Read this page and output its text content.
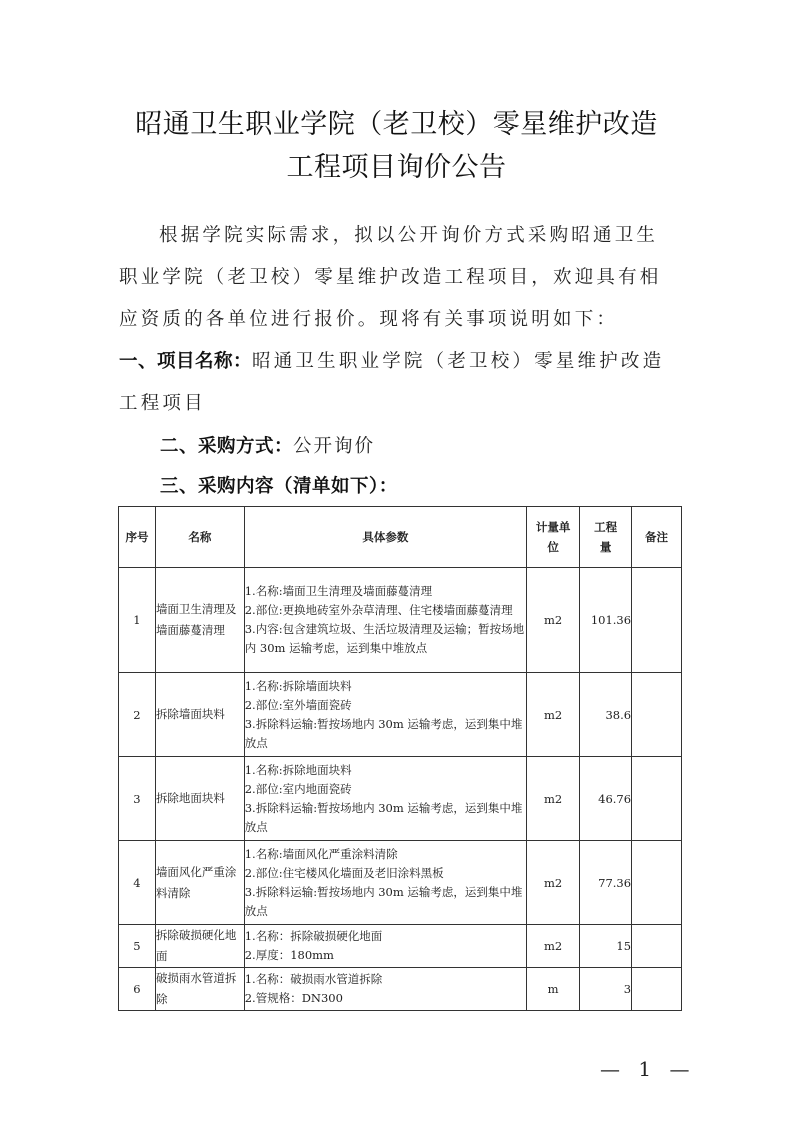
昭通卫生职业学院（老卫校）零星维护改造
工程项目询价公告
根据学院实际需求，拟以公开询价方式采购昭通卫生职业学院（老卫校）零星维护改造工程项目，欢迎具有相应资质的各单位进行报价。现将有关事项说明如下：
一、项目名称：昭通卫生职业学院（老卫校）零星维护改造工程项目
二、采购方式：公开询价
三、采购内容（清单如下）：
序号	名称	具体参数	计量单位	工程量	备注
1	墙面卫生清理及墙面藤蔓清理	1.名称:墙面卫生清理及墙面藤蔓清理
2.部位:更换地砖室外杂草清理、住宅楼墙面藤蔓清理
3.内容:包含建筑垃圾、生活垃圾清理及运输；暂按场地内 30m 运输考虑，运到集中堆放点	m2	101.36	
2	拆除墙面块料	1.名称:拆除墙面块料
2.部位:室外墙面瓷砖
3.拆除料运输:暂按场地内 30m 运输考虑，运到集中堆放点	m2	38.6	
3	拆除地面块料	1.名称:拆除地面块料
2.部位:室内地面瓷砖
3.拆除料运输:暂按场地内 30m 运输考虑，运到集中堆放点	m2	46.76	
4	墙面风化严重涂料清除	1.名称:墙面风化严重涂料清除
2.部位:住宅楼风化墙面及老旧涂料黑板
3.拆除料运输:暂按场地内 30m 运输考虑，运到集中堆放点	m2	77.36	
5	拆除破损硬化地面	1.名称：拆除破损硬化地面
2.厚度：180mm	m2	15	
6	破损雨水管道拆除	1.名称：破损雨水管道拆除
2.管规格：DN300	m	3	
— 1 —
